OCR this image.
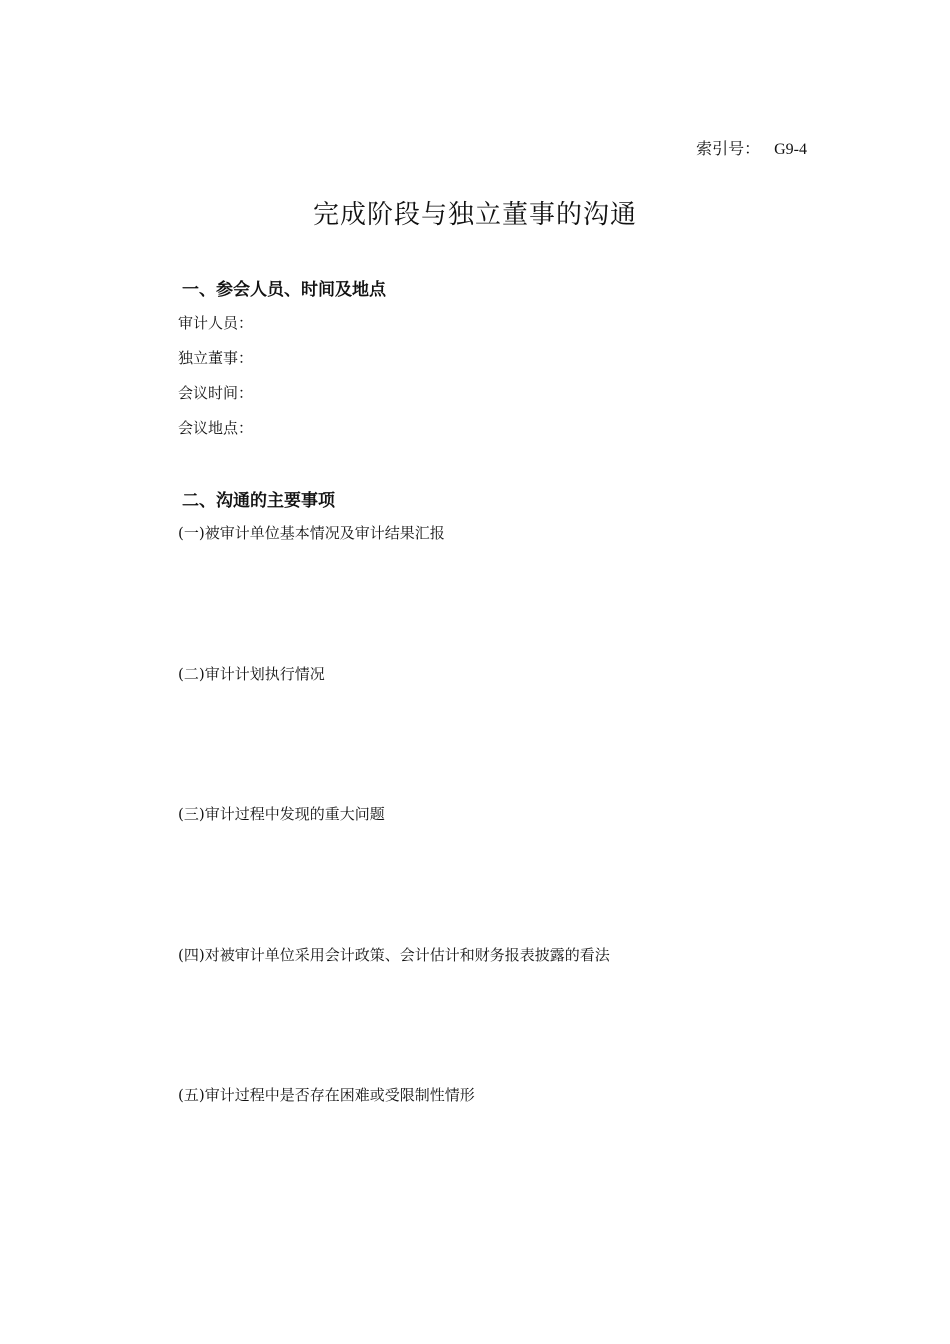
索引号： G9-4
完成阶段与独立董事的沟通
一、参会人员、时间及地点
审计人员：
独立董事：
会议时间：
会议地点：
二、沟通的主要事项
(一)被审计单位基本情况及审计结果汇报
(二)审计计划执行情况
(三)审计过程中发现的重大问题
(四)对被审计单位采用会计政策、会计估计和财务报表披露的看法
(五)审计过程中是否存在困难或受限制性情形
